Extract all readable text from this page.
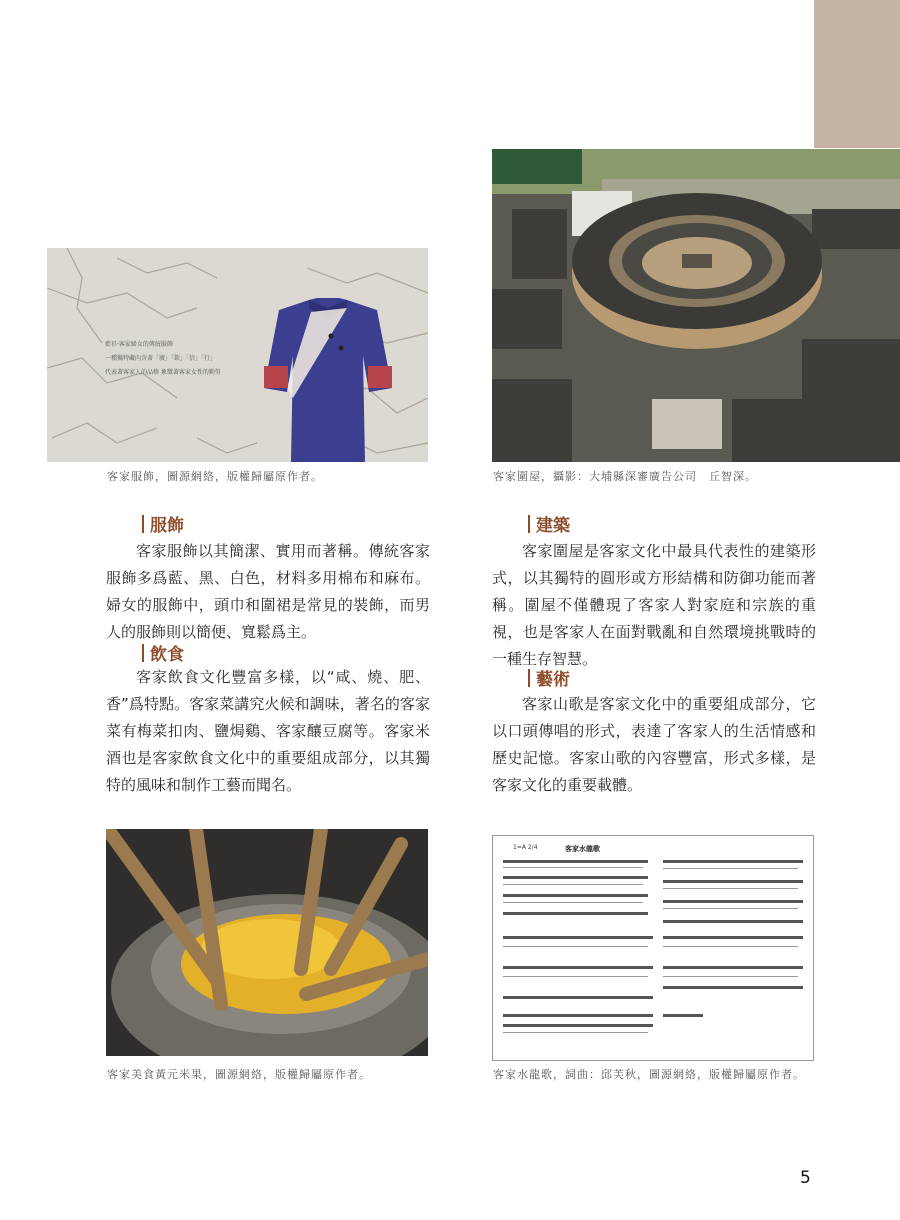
藍衫·客家婦女的傳統服飾
一種獨特藏內含著「廣」「欽」「信」「行」
代表著客家人的品格 象徵著客家女性的勤勞
客家服飾，圖源網絡，版權歸屬原作者。	客家圍屋，攝影：大埔縣深審廣告公司　丘智深。
服飾

客家服飾以其簡潔、實用而著稱。傳統客家服飾多爲藍、黑、白色，材料多用棉布和麻布。婦女的服飾中，頭巾和圍裙是常見的裝飾，而男人的服飾則以簡便、寬鬆爲主。

飲食

客家飲食文化豐富多樣，以“咸、燒、肥、香”爲特點。客家菜講究火候和調味，著名的客家菜有梅菜扣肉、鹽焗鷄、客家釀豆腐等。客家米酒也是客家飲食文化中的重要組成部分，以其獨特的風味和制作工藝而聞名。

建築

客家圍屋是客家文化中最具代表性的建築形式，以其獨特的圓形或方形結構和防御功能而著稱。圍屋不僅體現了客家人對家庭和宗族的重視，也是客家人在面對戰亂和自然環境挑戰時的一種生存智慧。

藝術

客家山歌是客家文化中的重要組成部分，它以口頭傳唱的形式，表達了客家人的生活情感和歷史記憶。客家山歌的內容豐富，形式多樣，是客家文化的重要載體。

客家美食黃元米果，圖源網絡，版權歸屬原作者。
1=A 2/4	客家水龍歌
客家水龍歌，詞曲：邱芙秋，圖源網絡，版權歸屬原作者。
5
